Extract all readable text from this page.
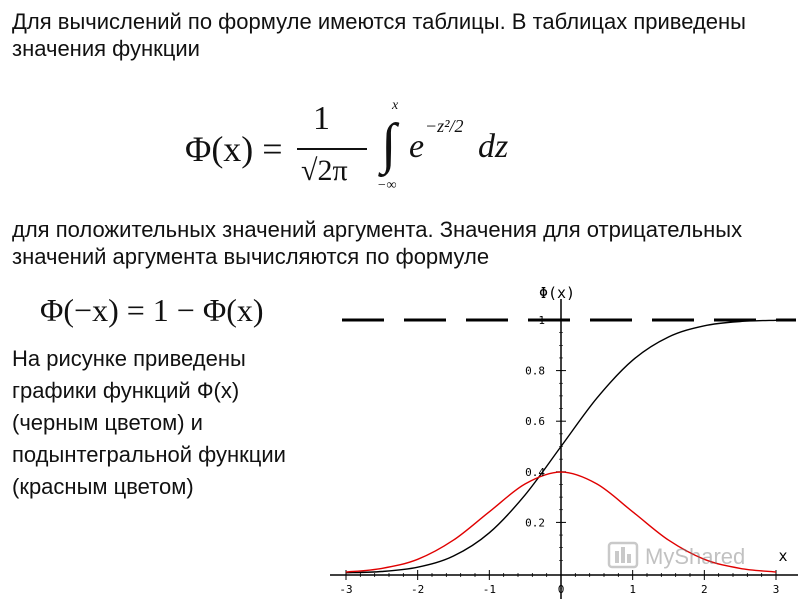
Для вычислений по формуле имеются таблицы. В таблицах приведены значения функции

Φ(x) =
1
√2π
x
∫
−∞
e
−z²/2
dz

для положительных значений аргумента. Значения для отрицательных значений аргумента вычисляются по формуле

Φ(−x) = 1 − Φ(x)

На рисунке приведены графики функций Ф(x) (черным цветом) и подынтегральной функции (красным цветом)

-3	-2	-1	0	1	2	3
0.2
0.4
0.6
0.8
1
Φ(x)
x
MyShared
